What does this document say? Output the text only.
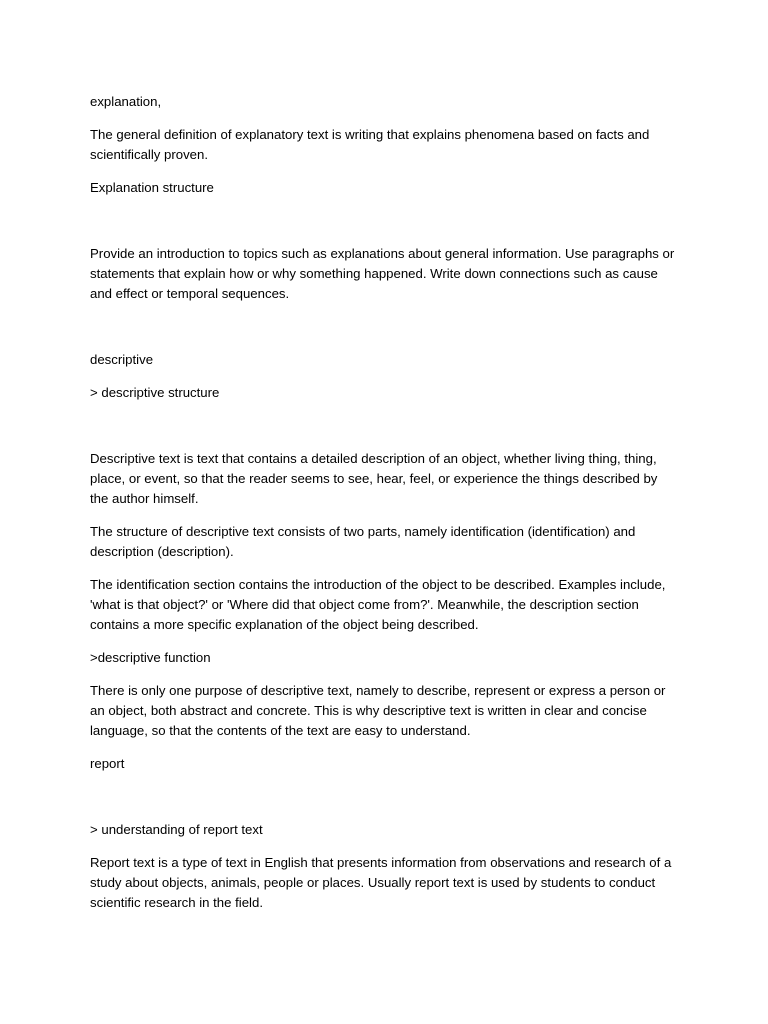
explanation,

The general definition of explanatory text is writing that explains phenomena based on facts and scientifically proven.

Explanation structure

Provide an introduction to topics such as explanations about general information. Use paragraphs or statements that explain how or why something happened. Write down connections such as cause and effect or temporal sequences.

descriptive

> descriptive structure

Descriptive text is text that contains a detailed description of an object, whether living thing, thing, place, or event, so that the reader seems to see, hear, feel, or experience the things described by the author himself.

The structure of descriptive text consists of two parts, namely identification (identification) and description (description).

The identification section contains the introduction of the object to be described. Examples include, 'what is that object?' or 'Where did that object come from?'. Meanwhile, the description section contains a more specific explanation of the object being described.

>descriptive function

There is only one purpose of descriptive text, namely to describe, represent or express a person or an object, both abstract and concrete. This is why descriptive text is written in clear and concise language, so that the contents of the text are easy to understand.

report

> understanding of report text

Report text is a type of text in English that presents information from observations and research of a study about objects, animals, people or places. Usually report text is used by students to conduct scientific research in the field.
